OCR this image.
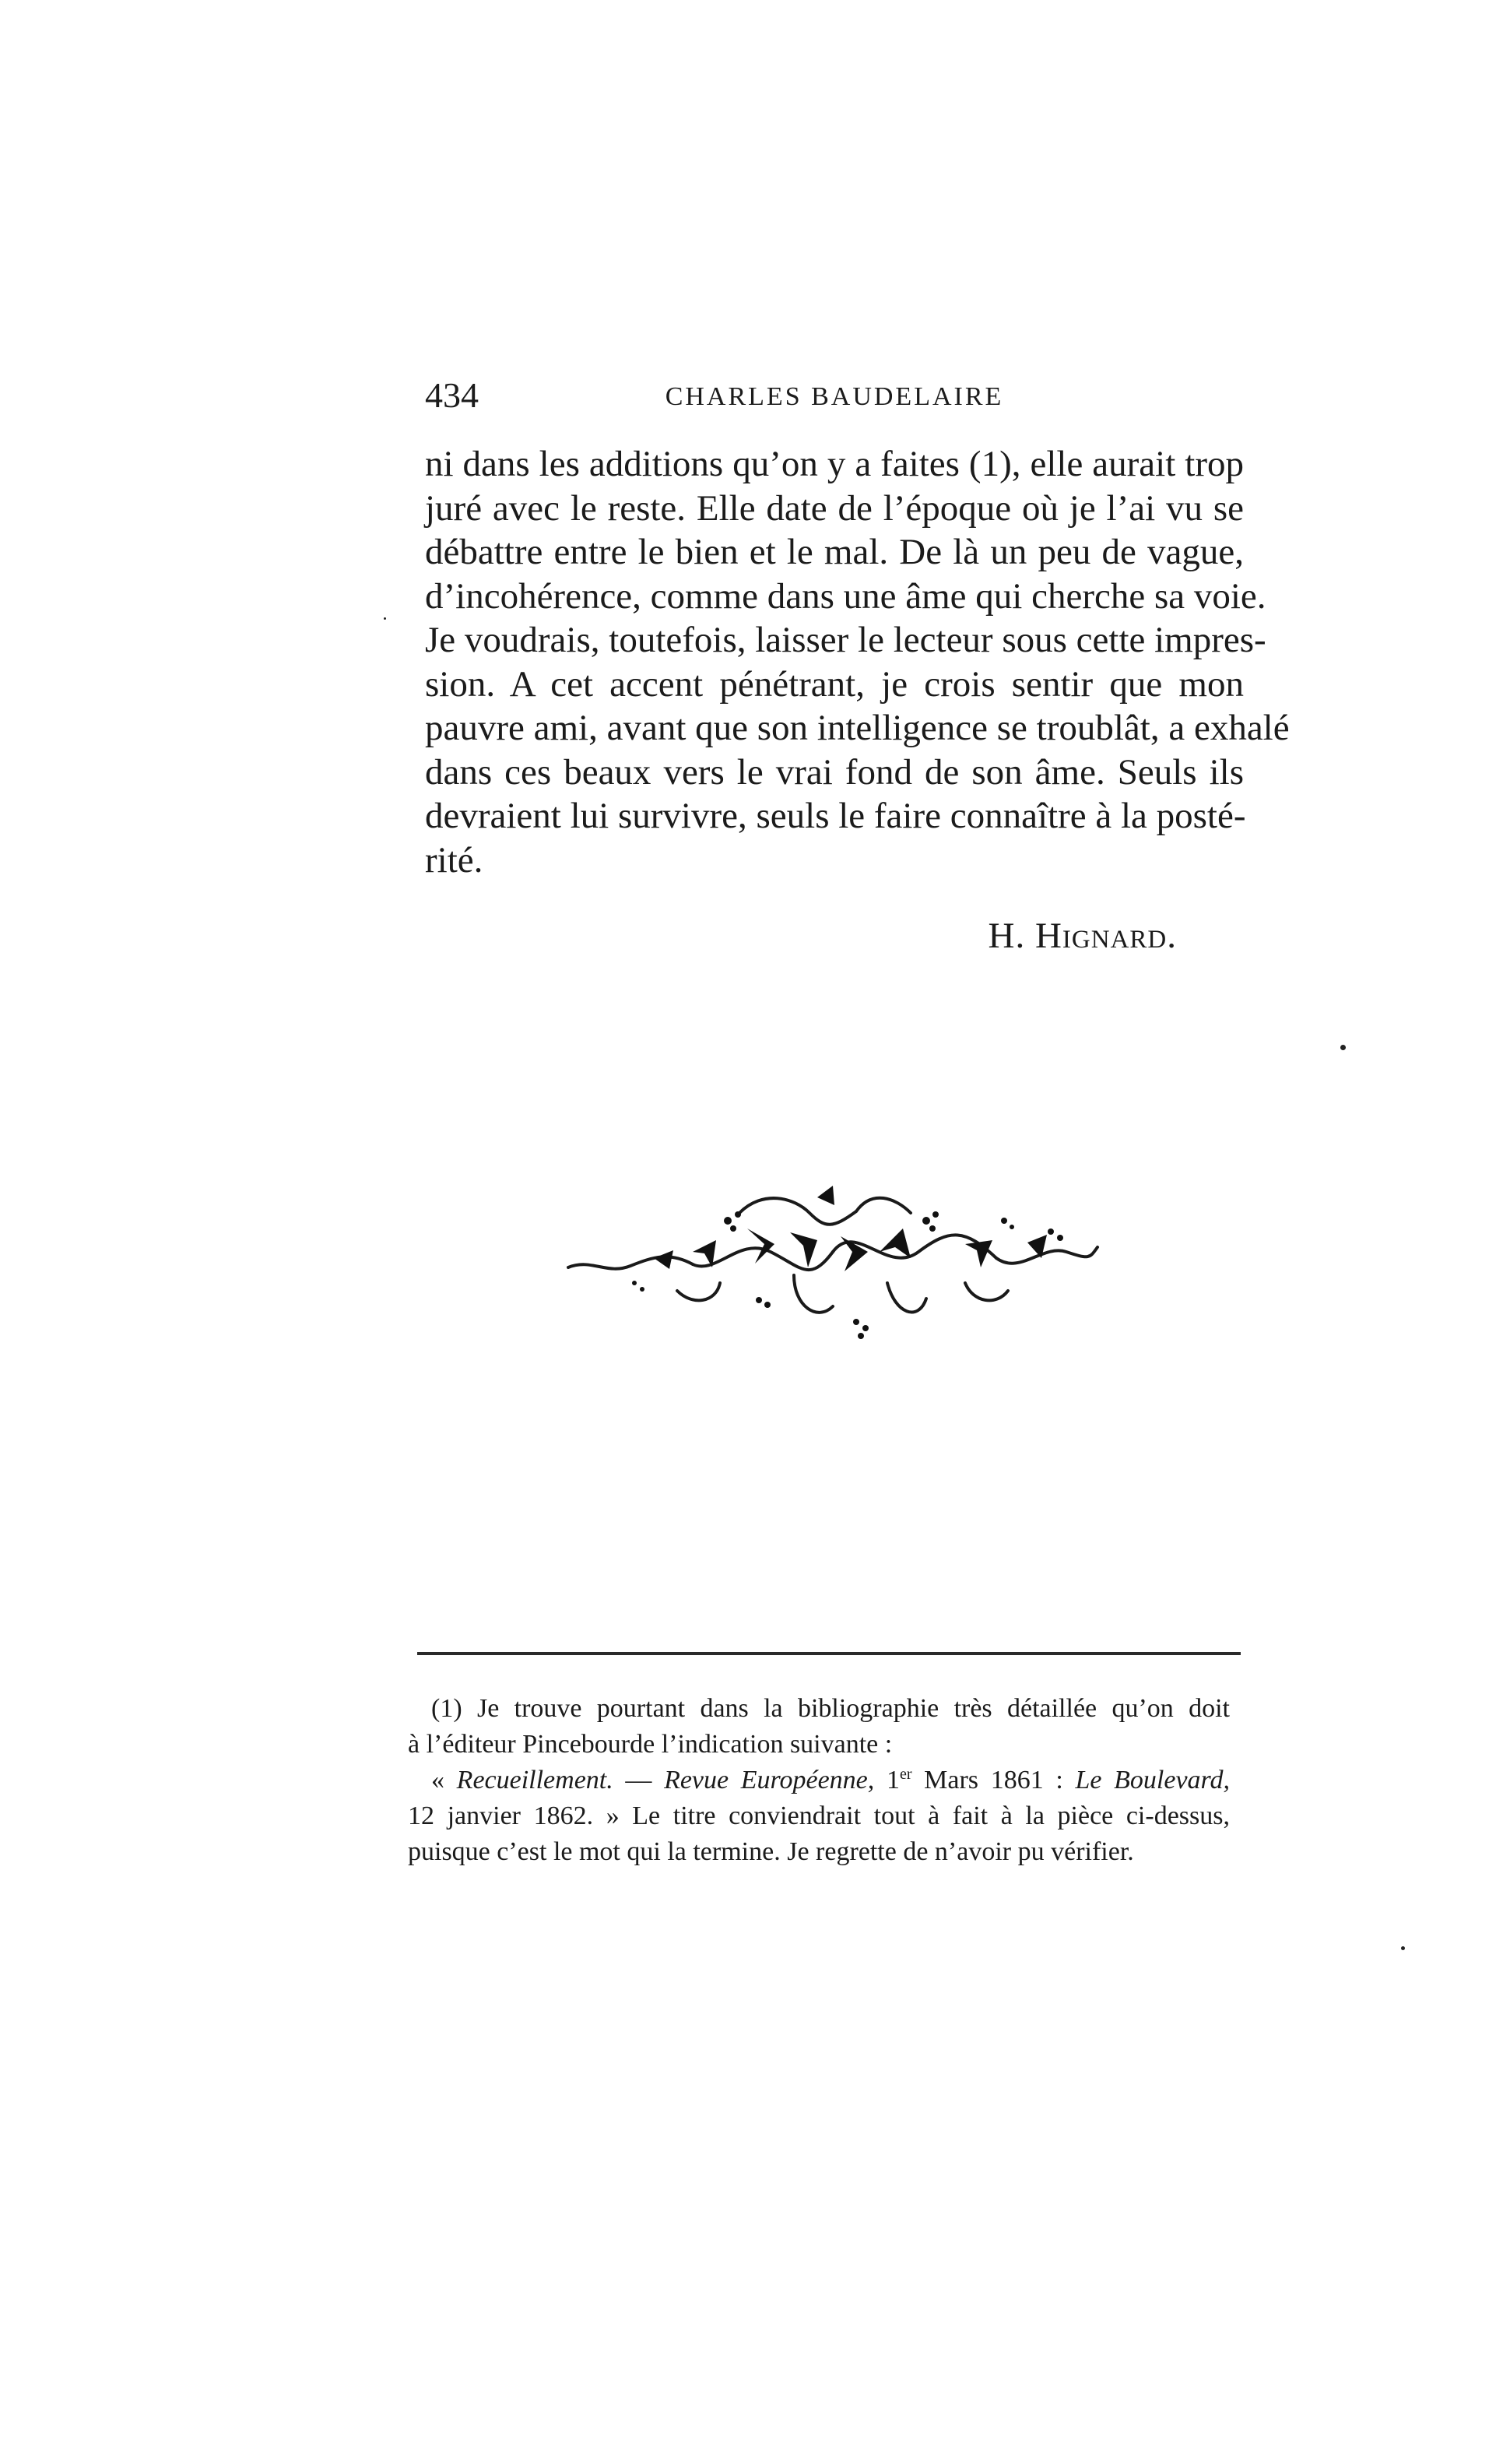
434	CHARLES BAUDELAIRE
ni dans les additions qu’on y a faites (1), elle aurait trop
juré avec le reste. Elle date de l’époque où je l’ai vu se
débattre entre le bien et le mal. De là un peu de vague,
d’incohérence, comme dans une âme qui cherche sa voie.
Je voudrais, toutefois, laisser le lecteur sous cette impres-
sion. A cet accent pénétrant, je crois sentir que mon
pauvre ami, avant que son intelligence se troublât, a exhalé
dans ces beaux vers le vrai fond de son âme. Seuls ils
devraient lui survivre, seuls le faire connaître à la posté-
rité.
H. Hignard.
(1) Je trouve pourtant dans la bibliographie très détaillée qu’on doit
à l’éditeur Pincebourde l’indication suivante :
« Recueillement. — Revue Européenne, 1er Mars 1861 : Le Boulevard,
12 janvier 1862. » Le titre conviendrait tout à fait à la pièce ci-dessus,
puisque c’est le mot qui la termine. Je regrette de n’avoir pu vérifier.
